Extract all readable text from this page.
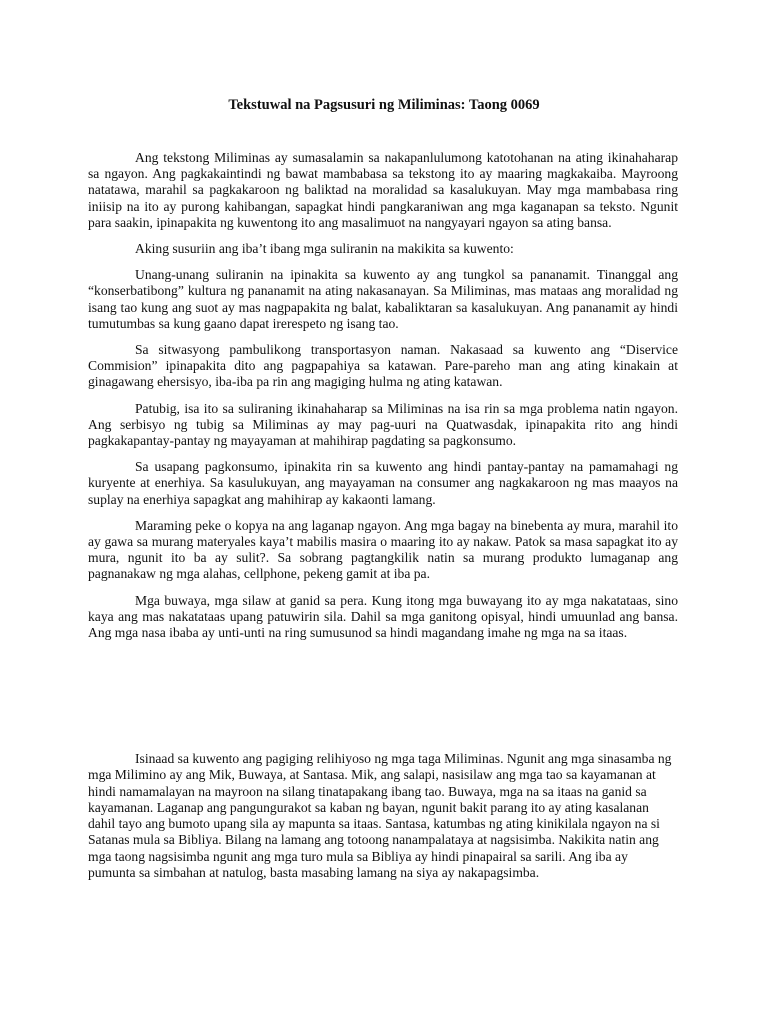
Tekstuwal na Pagsusuri ng Miliminas: Taong 0069

Ang tekstong Miliminas ay sumasalamin sa nakapanlulumong katotohanan na ating ikinahaharap sa ngayon. Ang pagkakaintindi ng bawat mambabasa sa tekstong ito ay maaring magkakaiba. Mayroong natatawa, marahil sa pagkakaroon ng baliktad na moralidad sa kasalukuyan. May mga mambabasa ring iniisip na ito ay purong kahibangan, sapagkat hindi pangkaraniwan ang mga kaganapan sa teksto. Ngunit para saakin, ipinapakita ng kuwentong ito ang masalimuot na nangyayari ngayon sa ating bansa.

Aking susuriin ang iba’t ibang mga suliranin na makikita sa kuwento:

Unang-unang suliranin na ipinakita sa kuwento ay ang tungkol sa pananamit. Tinanggal ang “konserbatibong” kultura ng pananamit na ating nakasanayan. Sa Miliminas, mas mataas ang moralidad ng isang tao kung ang suot ay mas nagpapakita ng balat, kabaliktaran sa kasalukuyan. Ang pananamit ay hindi tumutumbas sa kung gaano dapat irerespeto ng isang tao.

Sa sitwasyong pambulikong transportasyon naman. Nakasaad sa kuwento ang “Diservice Commision” ipinapakita dito ang pagpapahiya sa katawan. Pare-pareho man ang ating kinakain at ginagawang ehersisyo, iba-iba pa rin ang magiging hulma ng ating katawan.

Patubig, isa ito sa suliraning ikinahaharap sa Miliminas na isa rin sa mga problema natin ngayon. Ang serbisyo ng tubig sa Miliminas ay may pag-uuri na Quatwasdak, ipinapakita rito ang hindi pagkakapantay-pantay ng mayayaman at mahihirap pagdating sa pagkonsumo.

Sa usapang pagkonsumo, ipinakita rin sa kuwento ang hindi pantay-pantay na pamamahagi ng kuryente at enerhiya. Sa kasulukuyan, ang mayayaman na consumer ang nagkakaroon ng mas maayos na suplay na enerhiya sapagkat ang mahihirap ay kakaonti lamang.

Maraming peke o kopya na ang laganap ngayon. Ang mga bagay na binebenta ay mura, marahil ito ay gawa sa murang materyales kaya’t mabilis masira o maaring ito ay nakaw. Patok sa masa sapagkat ito ay mura, ngunit ito ba ay sulit?. Sa sobrang pagtangkilik natin sa murang produkto lumaganap ang pagnanakaw ng mga alahas, cellphone, pekeng gamit at iba pa.

Mga buwaya, mga silaw at ganid sa pera. Kung itong mga buwayang ito ay mga nakatataas, sino kaya ang mas nakatataas upang patuwirin sila. Dahil sa mga ganitong opisyal, hindi umuunlad ang bansa. Ang mga nasa ibaba ay unti-unti na ring sumusunod sa hindi magandang imahe ng mga na sa itaas.

Isinaad sa kuwento ang pagiging relihiyoso ng mga taga Miliminas. Ngunit ang mga sinasamba ng mga Milimino ay ang Mik, Buwaya, at Santasa. Mik, ang salapi, nasisilaw ang mga tao sa kayamanan at hindi namamalayan na mayroon na silang tinatapakang ibang tao. Buwaya, mga na sa itaas na ganid sa kayamanan. Laganap ang pangungurakot sa kaban ng bayan, ngunit bakit parang ito ay ating kasalanan dahil tayo ang bumoto upang sila ay mapunta sa itaas. Santasa, katumbas ng ating kinikilala ngayon na si Satanas mula sa Bibliya. Bilang na lamang ang totoong nanampalataya at nagsisimba. Nakikita natin ang mga taong nagsisimba ngunit ang mga turo mula sa Bibliya ay hindi pinapairal sa sarili. Ang iba ay pumunta sa simbahan at natulog, basta masabing lamang na siya ay nakapagsimba.
